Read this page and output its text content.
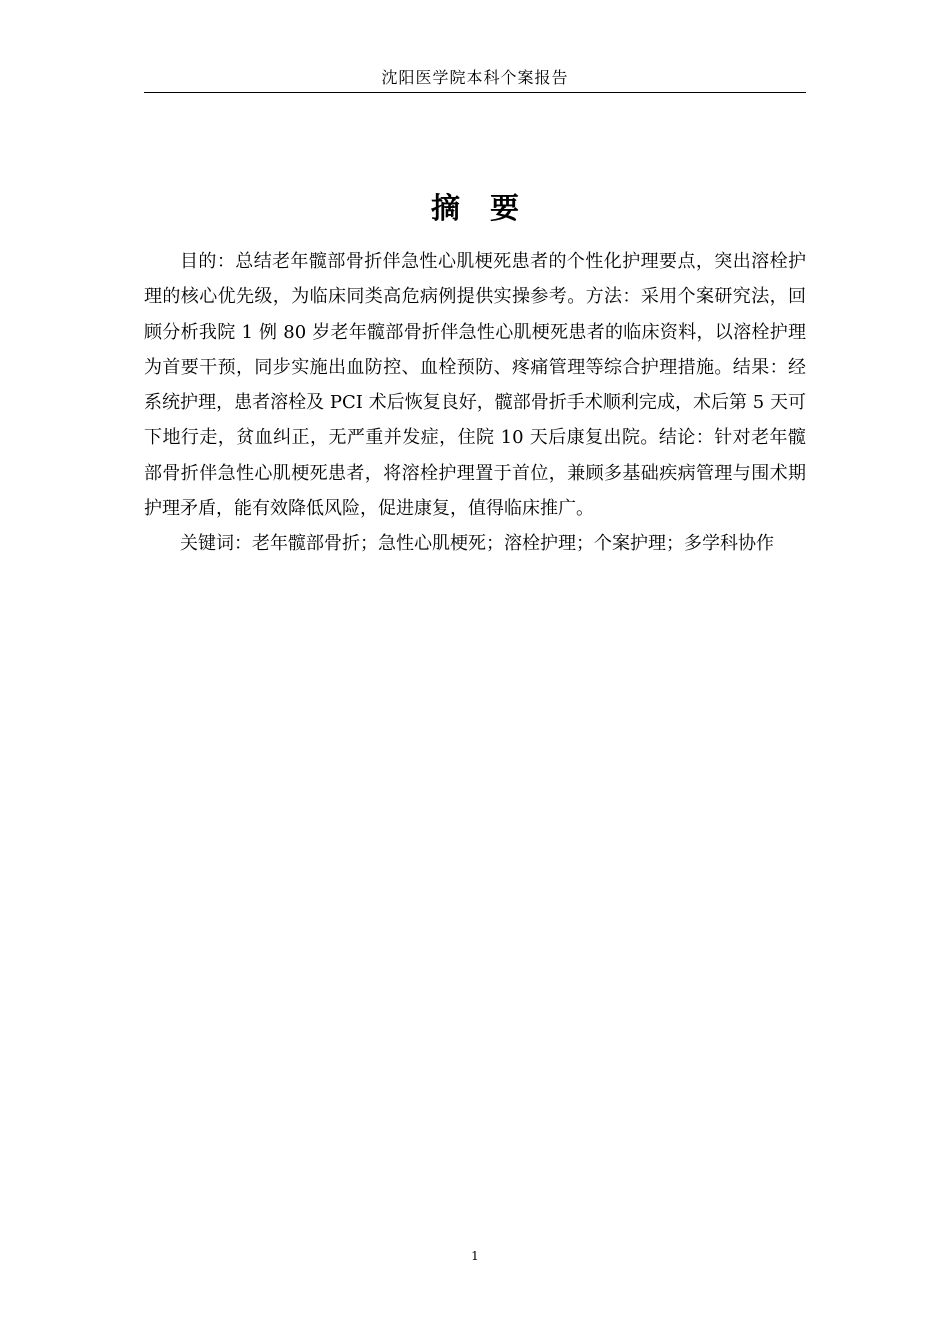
沈阳医学院本科个案报告
摘 要

目的：总结老年髋部骨折伴急性心肌梗死患者的个性化护理要点，突出溶栓护理的核心优先级，为临床同类高危病例提供实操参考。方法：采用个案研究法，回顾分析我院 1 例 80 岁老年髋部骨折伴急性心肌梗死患者的临床资料，以溶栓护理为首要干预，同步实施出血防控、血栓预防、疼痛管理等综合护理措施。结果：经系统护理，患者溶栓及 PCI 术后恢复良好，髋部骨折手术顺利完成，术后第 5 天可下地行走，贫血纠正，无严重并发症，住院 10 天后康复出院。结论：针对老年髋部骨折伴急性心肌梗死患者，将溶栓护理置于首位，兼顾多基础疾病管理与围术期护理矛盾，能有效降低风险，促进康复，值得临床推广。

关键词：老年髋部骨折；急性心肌梗死；溶栓护理；个案护理；多学科协作

1
